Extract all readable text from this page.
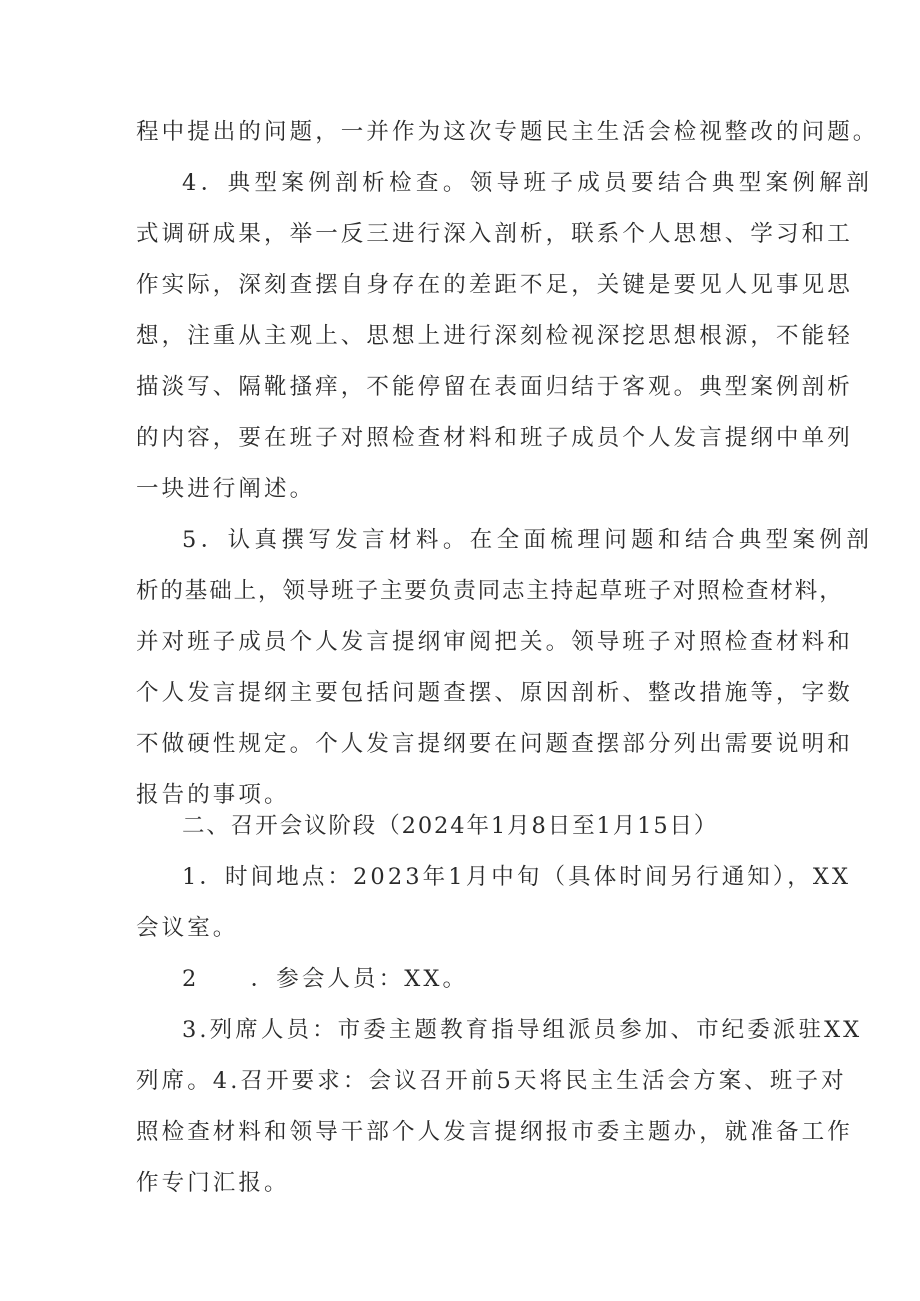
程中提出的问题，一并作为这次专题民主生活会检视整改的问题。
4．典型案例剖析检查。领导班子成员要结合典型案例解剖
式调研成果，举一反三进行深入剖析，联系个人思想、学习和工
作实际，深刻查摆自身存在的差距不足，关键是要见人见事见思
想，注重从主观上、思想上进行深刻检视深挖思想根源，不能轻
描淡写、隔靴搔痒，不能停留在表面归结于客观。典型案例剖析
的内容，要在班子对照检查材料和班子成员个人发言提纲中单列
一块进行阐述。
5．认真撰写发言材料。在全面梳理问题和结合典型案例剖
析的基础上，领导班子主要负责同志主持起草班子对照检查材料，
并对班子成员个人发言提纲审阅把关。领导班子对照检查材料和
个人发言提纲主要包括问题查摆、原因剖析、整改措施等，字数
不做硬性规定。个人发言提纲要在问题查摆部分列出需要说明和
报告的事项。
二、召开会议阶段（2024年1月8日至1月15日）
1．时间地点：2023年1月中旬（具体时间另行通知），XX
会议室。
2　　．参会人员：XX。
3.列席人员：市委主题教育指导组派员参加、市纪委派驻XX
列席。4.召开要求：会议召开前5天将民主生活会方案、班子对
照检查材料和领导干部个人发言提纲报市委主题办，就准备工作
作专门汇报。
